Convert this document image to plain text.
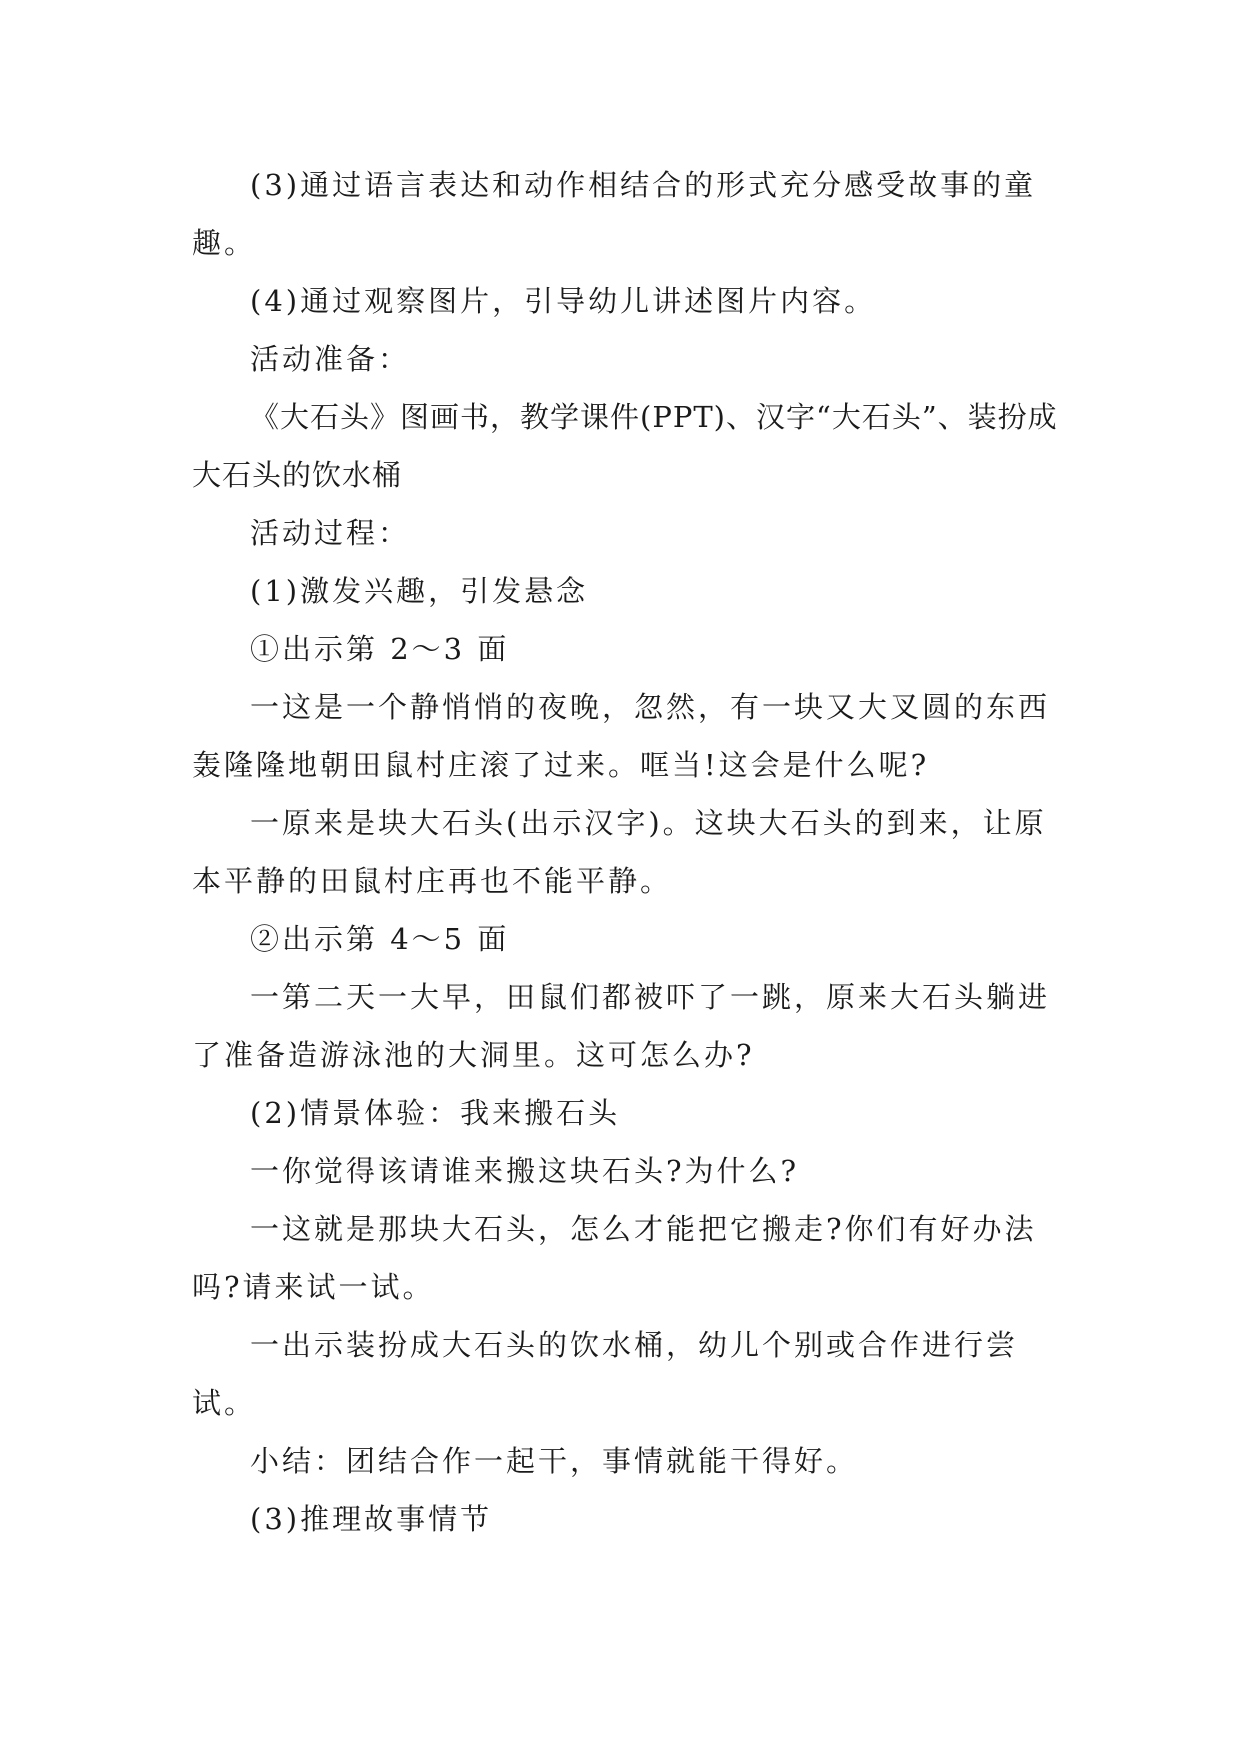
(3)通过语言表达和动作相结合的形式充分感受故事的童趣。

(4)通过观察图片，引导幼儿讲述图片内容。

活动准备：

《大石头》图画书，教学课件(PPT)、汉字“大石头”、装扮成大石头的饮水桶

活动过程：

(1)激发兴趣，引发悬念

①出示第 2～3 面

一这是一个静悄悄的夜晚，忽然，有一块又大叉圆的东西轰隆隆地朝田鼠村庄滚了过来。哐当!这会是什么呢?

一原来是块大石头(出示汉字)。这块大石头的到来，让原本平静的田鼠村庄再也不能平静。

②出示第 4～5 面

一第二天一大早，田鼠们都被吓了一跳，原来大石头躺进了准备造游泳池的大洞里。这可怎么办?

(2)情景体验：我来搬石头

一你觉得该请谁来搬这块石头?为什么?

一这就是那块大石头，怎么才能把它搬走?你们有好办法吗?请来试一试。

一出示装扮成大石头的饮水桶，幼儿个别或合作进行尝试。

小结：团结合作一起干，事情就能干得好。

(3)推理故事情节
